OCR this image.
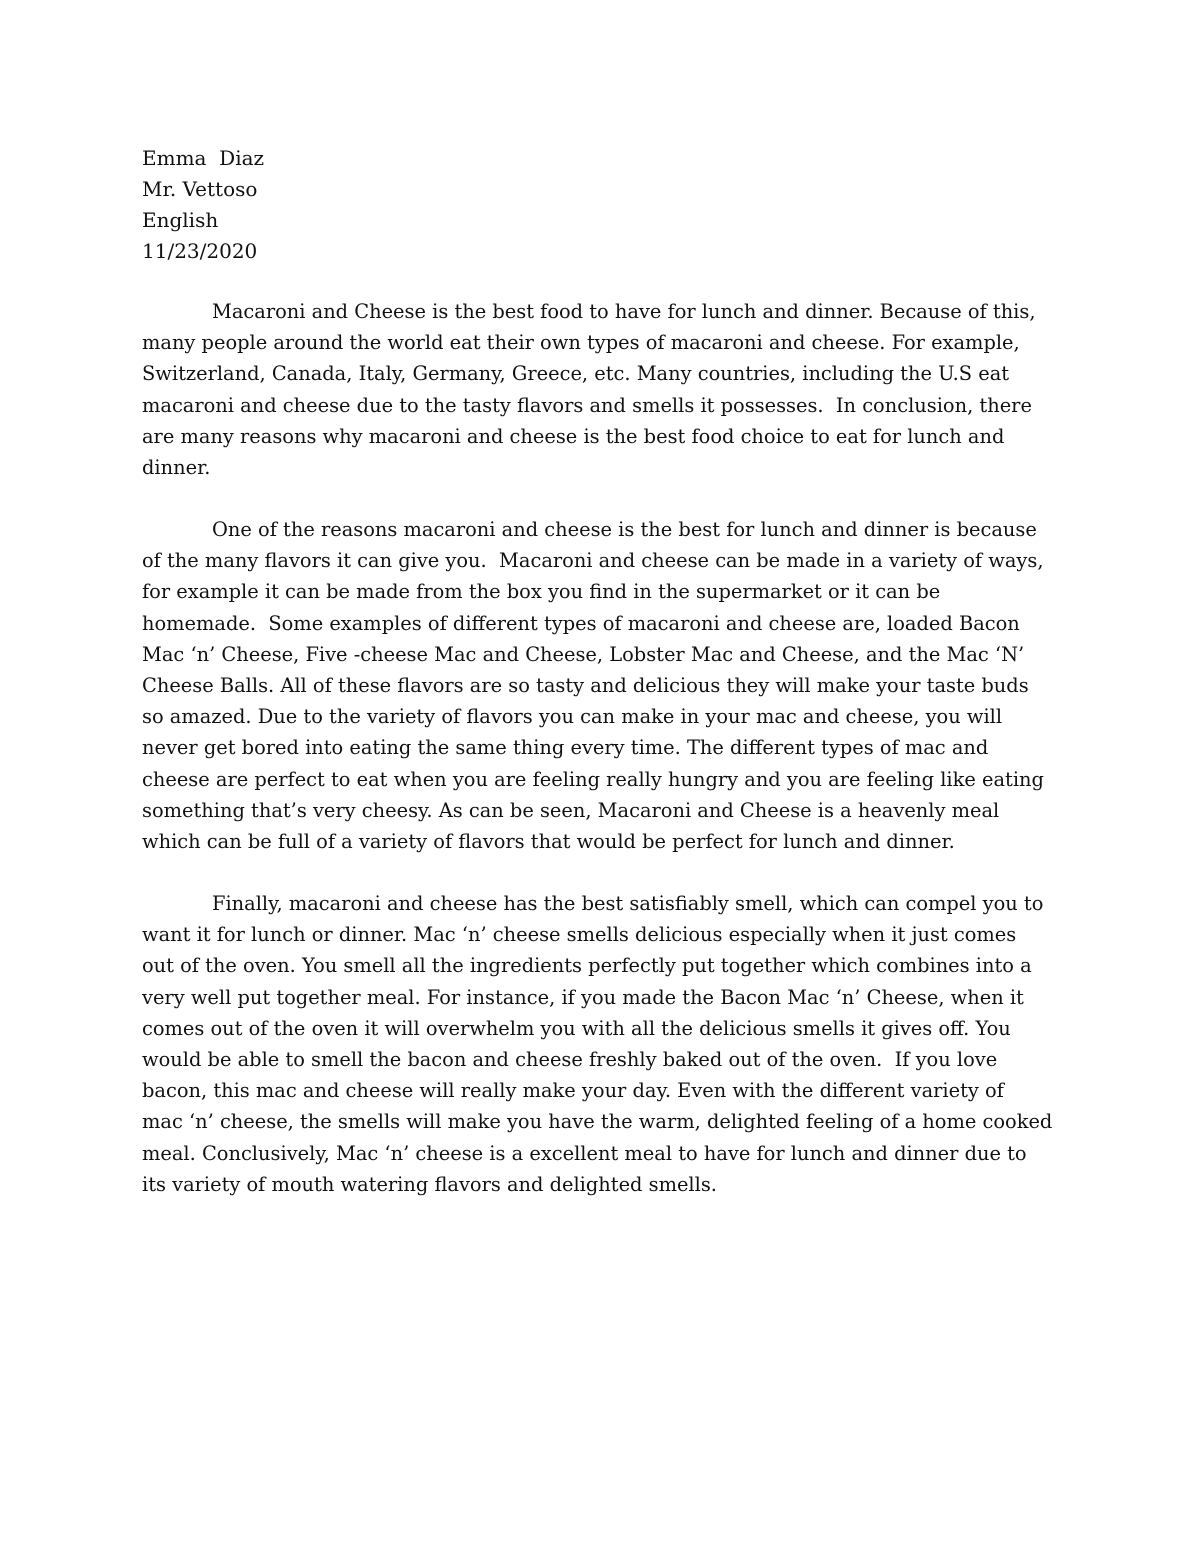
Emma  Diaz
Mr. Vettoso
English
11/23/2020
Macaroni and Cheese is the best food to have for lunch and dinner. Because of this,
many people around the world eat their own types of macaroni and cheese. For example,
Switzerland, Canada, Italy, Germany, Greece, etc. Many countries, including the U.S eat
macaroni and cheese due to the tasty flavors and smells it possesses.  In conclusion, there
are many reasons why macaroni and cheese is the best food choice to eat for lunch and
dinner.
One of the reasons macaroni and cheese is the best for lunch and dinner is because
of the many flavors it can give you.  Macaroni and cheese can be made in a variety of ways,
for example it can be made from the box you find in the supermarket or it can be
homemade.  Some examples of different types of macaroni and cheese are, loaded Bacon
Mac ‘n’ Cheese, Five -cheese Mac and Cheese, Lobster Mac and Cheese, and the Mac ‘N’
Cheese Balls. All of these flavors are so tasty and delicious they will make your taste buds
so amazed. Due to the variety of flavors you can make in your mac and cheese, you will
never get bored into eating the same thing every time. The different types of mac and
cheese are perfect to eat when you are feeling really hungry and you are feeling like eating
something that’s very cheesy. As can be seen, Macaroni and Cheese is a heavenly meal
which can be full of a variety of flavors that would be perfect for lunch and dinner.
Finally, macaroni and cheese has the best satisfiably smell, which can compel you to
want it for lunch or dinner. Mac ‘n’ cheese smells delicious especially when it just comes
out of the oven. You smell all the ingredients perfectly put together which combines into a
very well put together meal. For instance, if you made the Bacon Mac ‘n’ Cheese, when it
comes out of the oven it will overwhelm you with all the delicious smells it gives off. You
would be able to smell the bacon and cheese freshly baked out of the oven.  If you love
bacon, this mac and cheese will really make your day. Even with the different variety of
mac ‘n’ cheese, the smells will make you have the warm, delighted feeling of a home cooked
meal. Conclusively, Mac ‘n’ cheese is a excellent meal to have for lunch and dinner due to
its variety of mouth watering flavors and delighted smells.
